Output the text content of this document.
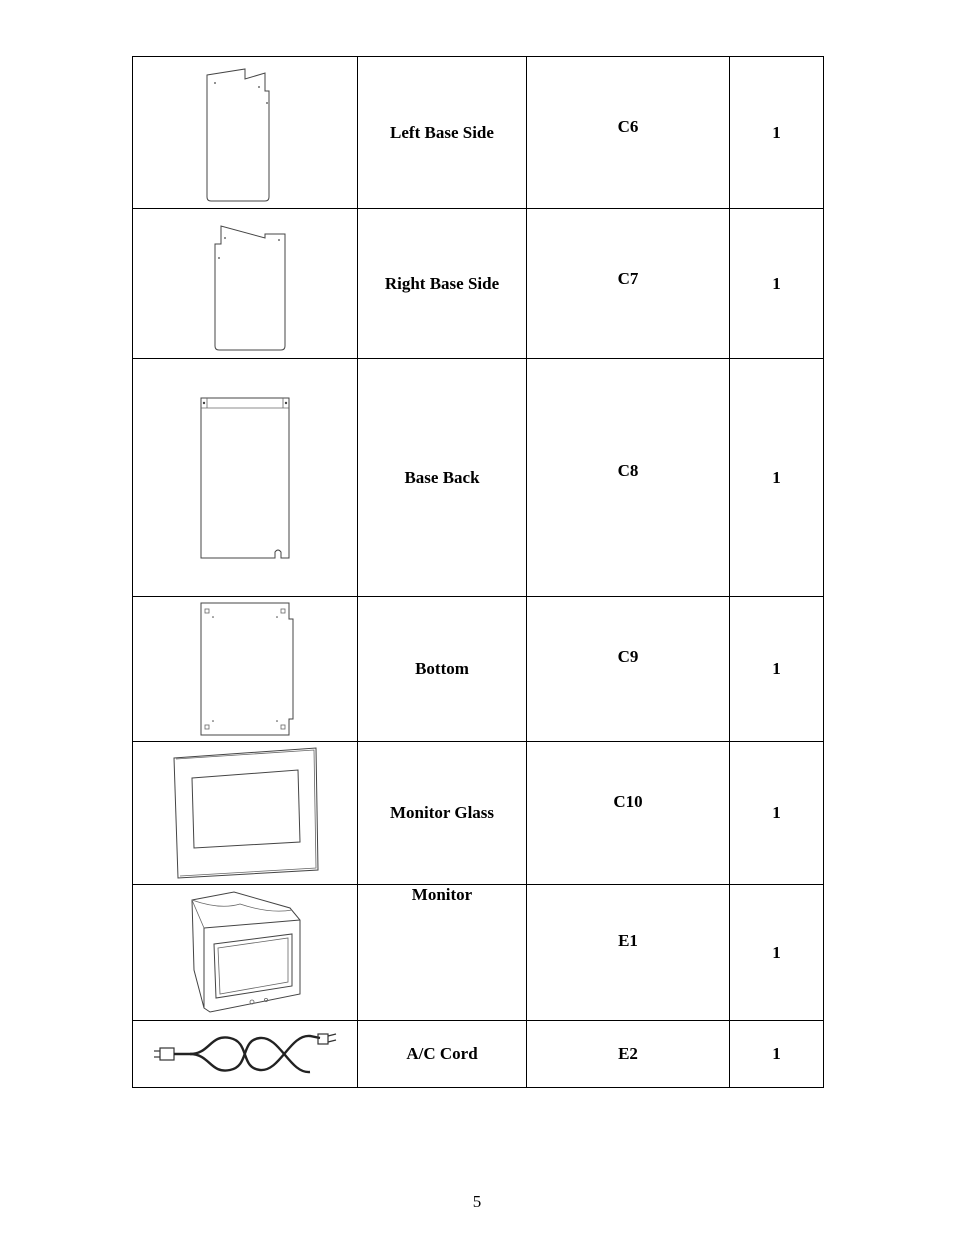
	Left Base Side	C6	1

	Right Base Side	C7	1

	Base Back	C8	1

	Bottom	C9	1

	Monitor Glass	C10	1

	Monitor	E1	1

	A/C Cord	E2	1
5
